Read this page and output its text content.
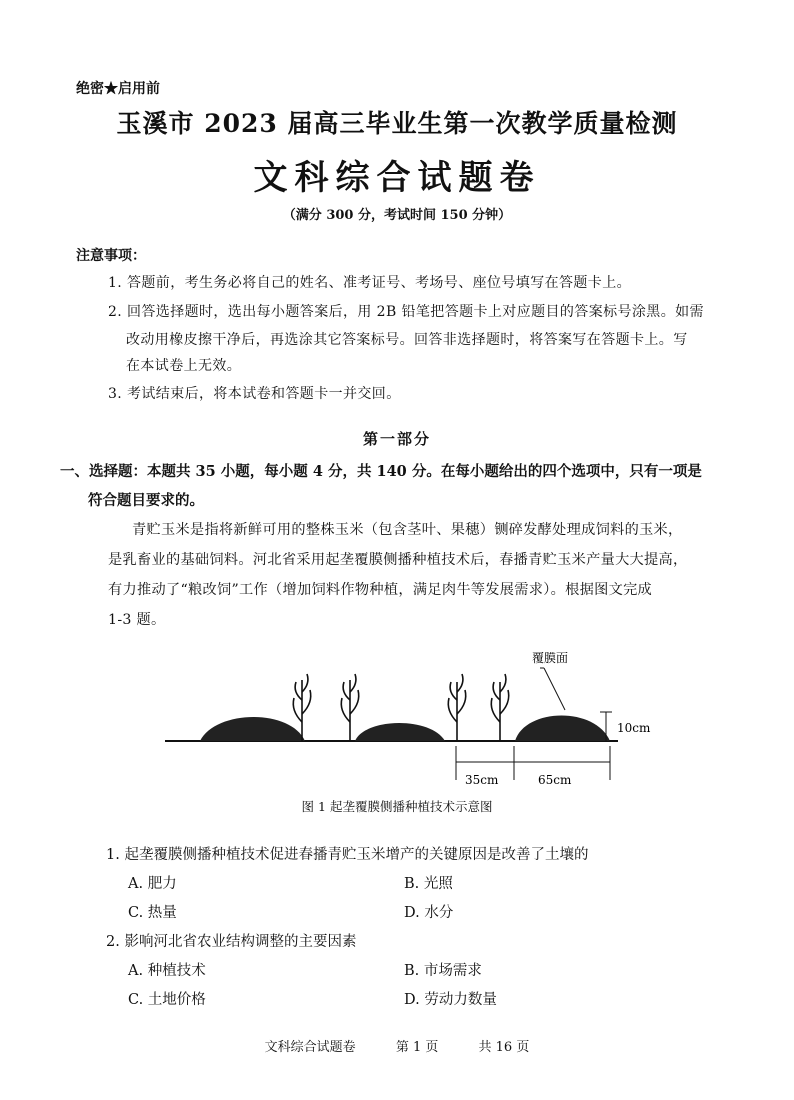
绝密★启用前
玉溪市 2023 届高三毕业生第一次教学质量检测
文科综合试题卷
（满分 300 分，考试时间 150 分钟）
注意事项：
1. 答题前，考生务必将自己的姓名、准考证号、考场号、座位号填写在答题卡上。
2. 回答选择题时，选出每小题答案后，用 2B 铅笔把答题卡上对应题目的答案标号涂黑。如需
改动用橡皮擦干净后，再选涂其它答案标号。回答非选择题时，将答案写在答题卡上。写
在本试卷上无效。
3. 考试结束后，将本试卷和答题卡一并交回。
第一部分
一、选择题：本题共 35 小题，每小题 4 分，共 140 分。在每小题给出的四个选项中，只有一项是
符合题目要求的。
青贮玉米是指将新鲜可用的整株玉米（包含茎叶、果穗）铡碎发酵处理成饲料的玉米，
是乳畜业的基础饲料。河北省采用起垄覆膜侧播种植技术后，春播青贮玉米产量大大提高，
有力推动了“粮改饲”工作（增加饲料作物种植，满足肉牛等发展需求）。根据图文完成
1-3 题。
覆膜面
10cm
35cm	65cm
图 1 起垄覆膜侧播种植技术示意图
1. 起垄覆膜侧播种植技术促进春播青贮玉米增产的关键原因是改善了土壤的
A. 肥力	B. 光照
C. 热量	D. 水分
2. 影响河北省农业结构调整的主要因素
A. 种植技术	B. 市场需求
C. 土地价格	D. 劳动力数量
文科综合试题卷	第 1 页	共 16 页
